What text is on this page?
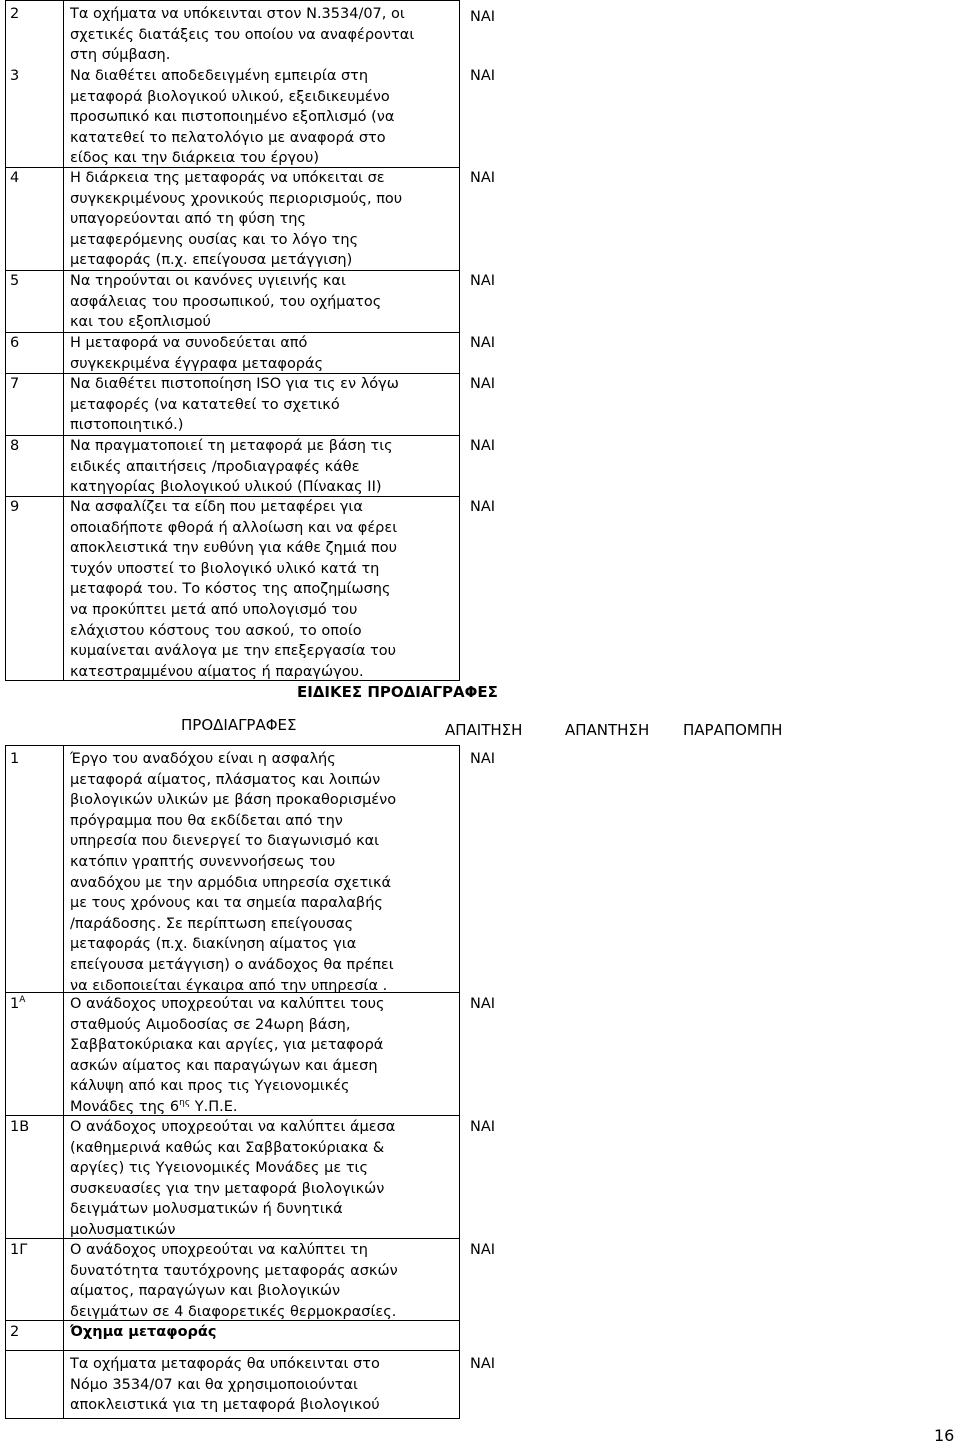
2	Τα οχήματα να υπόκεινται στον Ν.3534/07, οι
σχετικές διατάξεις του οποίου να αναφέρονται
στη σύμβαση.
ΝΑΙ
3	Να διαθέτει αποδεδειγμένη εμπειρία στη
μεταφορά βιολογικού υλικού, εξειδικευμένο
προσωπικό και πιστοποιημένο εξοπλισμό (να
κατατεθεί το πελατολόγιο με αναφορά στο
είδος και την διάρκεια του έργου)
ΝΑΙ
4	Η διάρκεια της μεταφοράς να υπόκειται σε
συγκεκριμένους χρονικούς περιορισμούς, που
υπαγορεύονται από τη φύση της
μεταφερόμενης ουσίας και το λόγο της
μεταφοράς (π.χ. επείγουσα μετάγγιση)
ΝΑΙ
5	Να τηρούνται οι κανόνες υγιεινής και
ασφάλειας του προσωπικού, του οχήματος
και του εξοπλισμού
ΝΑΙ
6	Η μεταφορά να συνοδεύεται από
συγκεκριμένα έγγραφα μεταφοράς
ΝΑΙ
7	Να διαθέτει πιστοποίηση ISO για τις εν λόγω
μεταφορές (να κατατεθεί το σχετικό
πιστοποιητικό.)
ΝΑΙ
8	Να πραγματοποιεί τη μεταφορά με βάση τις
ειδικές απαιτήσεις /προδιαγραφές κάθε
κατηγορίας βιολογικού υλικού (Πίνακας ΙΙ)
ΝΑΙ
9	Να ασφαλίζει τα είδη που μεταφέρει για
οποιαδήποτε φθορά ή αλλοίωση και να φέρει
αποκλειστικά την ευθύνη για κάθε ζημιά που
τυχόν υποστεί το βιολογικό υλικό κατά τη
μεταφορά του. Το κόστος της αποζημίωσης
να προκύπτει μετά από υπολογισμό του
ελάχιστου κόστους του ασκού, το οποίο
κυμαίνεται ανάλογα με την επεξεργασία του
κατεστραμμένου αίματος ή παραγώγου.
ΝΑΙ
ΕΙΔΙΚΕΣ ΠΡΟΔΙΑΓΡΑΦΕΣ
ΠΡΟΔΙΑΓΡΑΦΕΣ	ΑΠΑΙΤΗΣΗ	ΑΠΑΝΤΗΣΗ ΠΑΡΑΠΟΜΠΗ
1	Έργο του αναδόχου είναι η ασφαλής
μεταφορά αίματος, πλάσματος και λοιπών
βιολογικών υλικών με βάση προκαθορισμένο
πρόγραμμα που θα εκδίδεται από την
υπηρεσία που διενεργεί το διαγωνισμό και
κατόπιν γραπτής συνεννοήσεως του
αναδόχου με την αρμόδια υπηρεσία σχετικά
με τους χρόνους και τα σημεία παραλαβής
/παράδοσης. Σε περίπτωση επείγουσας
μεταφοράς (π.χ. διακίνηση αίματος για
επείγουσα μετάγγιση) ο ανάδοχος θα πρέπει
να ειδοποιείται έγκαιρα από την υπηρεσία .
ΝΑΙ
$1^A$	Ο ανάδοχος υποχρεούται να καλύπτει τους
σταθμούς Αιμοδοσίας σε 24ωρη βάση,
Σαββατοκύριακα και αργίες, για μεταφορά
ασκών αίματος και παραγώγων και άμεση
κάλυψη από και προς τις Υγειονομικές
Μονάδες της $6^{\eta\varsigma}$ Υ.Π.Ε.
ΝΑΙ
1Β	Ο ανάδοχος υποχρεούται να καλύπτει άμεσα
(καθημερινά καθώς και Σαββατοκύριακα &
αργίες) τις Υγειονομικές Μονάδες με τις
συσκευασίες για την μεταφορά βιολογικών
δειγμάτων μολυσματικών ή δυνητικά
μολυσματικών
ΝΑΙ
1Γ	Ο ανάδοχος υποχρεούται να καλύπτει τη
δυνατότητα ταυτόχρονης μεταφοράς ασκών
αίματος, παραγώγων και βιολογικών
δειγμάτων σε 4 διαφορετικές θερμοκρασίες.
ΝΑΙ
2	Όχημα μεταφοράς
Τα οχήματα μεταφοράς θα υπόκεινται στο
Νόμο 3534/07 και θα χρησιμοποιούνται
αποκλειστικά για τη μεταφορά βιολογικού
ΝΑΙ
16
